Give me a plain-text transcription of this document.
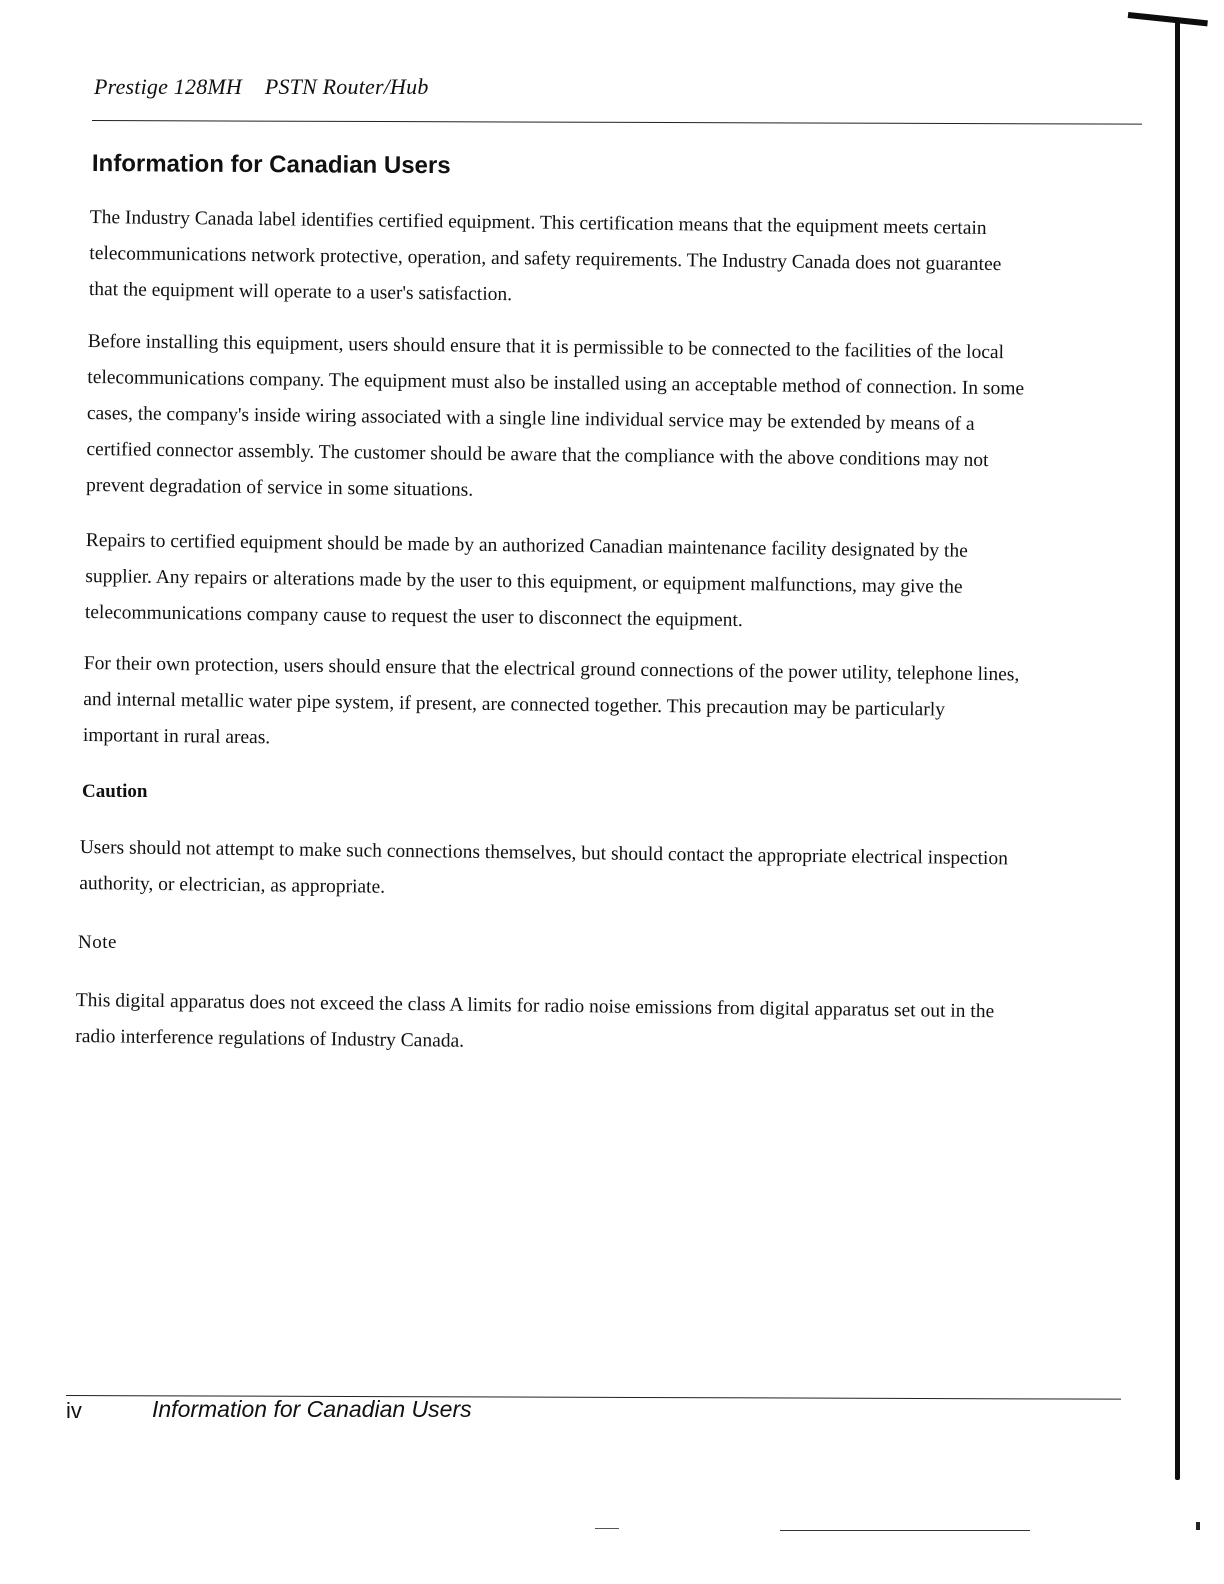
Prestige 128MH    PSTN Router/Hub
Information for Canadian Users

The Industry Canada label identifies certified equipment. This certification means that the equipment meets certain
telecommunications network protective, operation, and safety requirements. The Industry Canada does not guarantee
that the equipment will operate to a user's satisfaction.

Before installing this equipment, users should ensure that it is permissible to be connected to the facilities of the local
telecommunications company. The equipment must also be installed using an acceptable method of connection. In some
cases, the company's inside wiring associated with a single line individual service may be extended by means of a
certified connector assembly. The customer should be aware that the compliance with the above conditions may not
prevent degradation of service in some situations.

Repairs to certified equipment should be made by an authorized Canadian maintenance facility designated by the
supplier. Any repairs or alterations made by the user to this equipment, or equipment malfunctions, may give the
telecommunications company cause to request the user to disconnect the equipment.

For their own protection, users should ensure that the electrical ground connections of the power utility, telephone lines,
and internal metallic water pipe system, if present, are connected together. This precaution may be particularly
important in rural areas.

Caution

Users should not attempt to make such connections themselves, but should contact the appropriate electrical inspection
authority, or electrician, as appropriate.

Note

This digital apparatus does not exceed the class A limits for radio noise emissions from digital apparatus set out in the
radio interference regulations of Industry Canada.

iv	Information for Canadian Users
